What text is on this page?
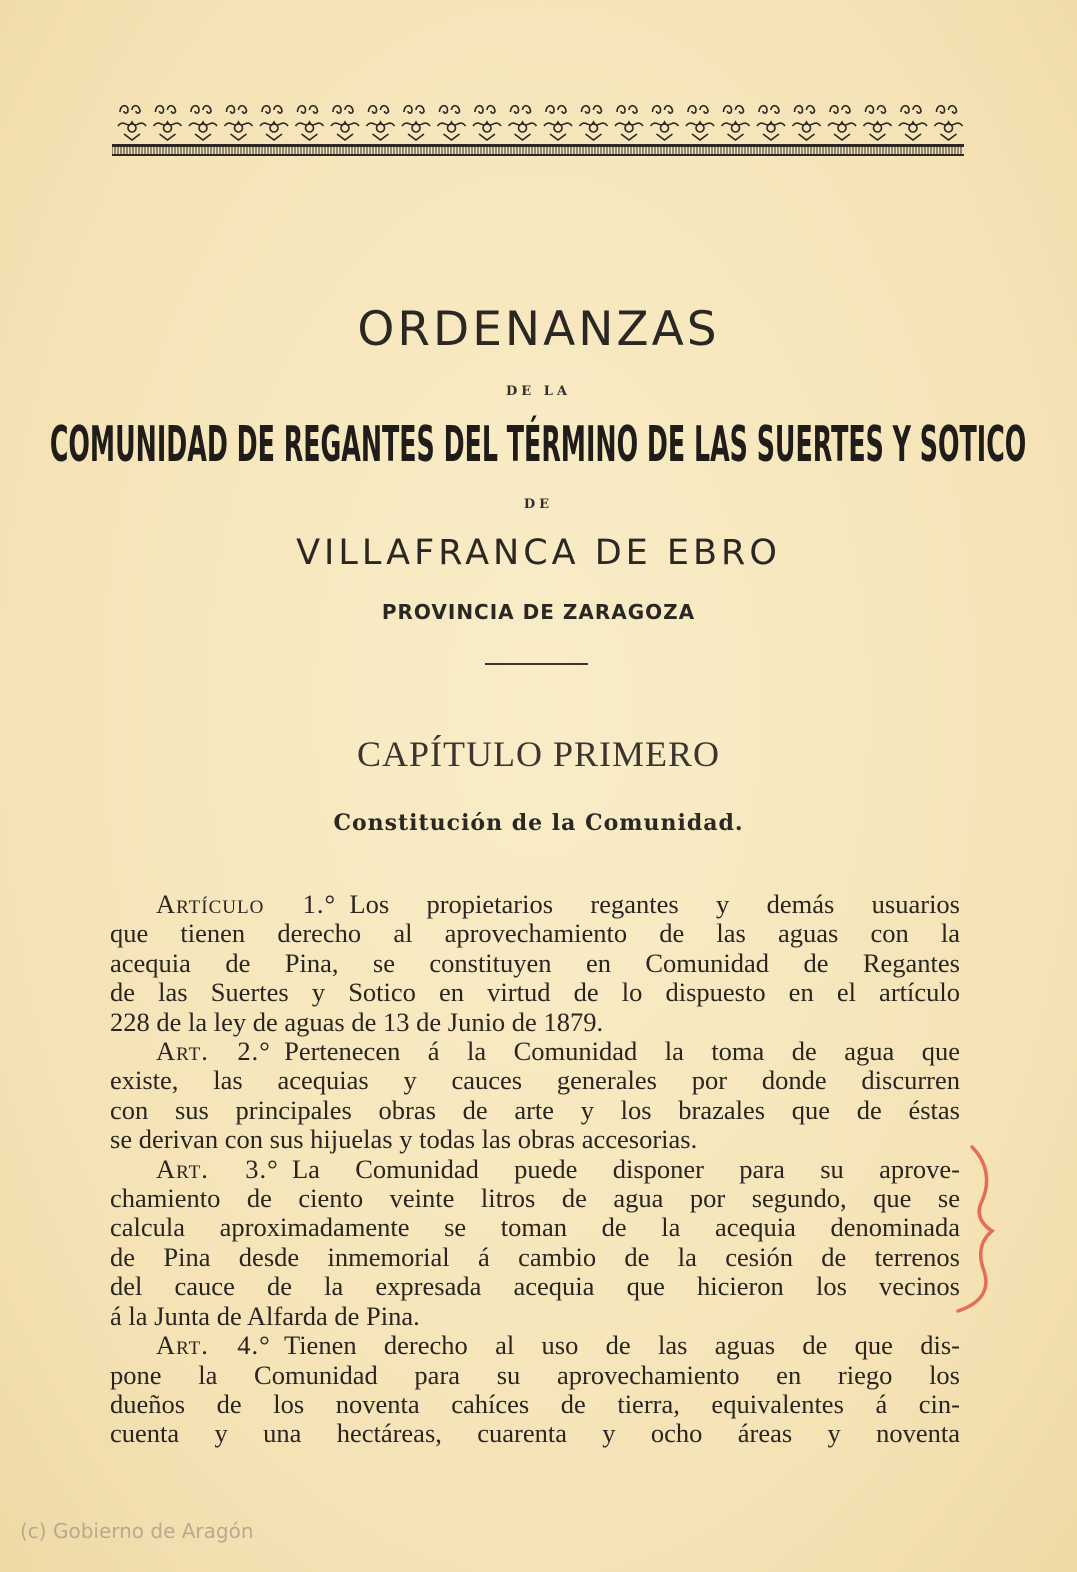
ORDENANZAS
DE LA
COMUNIDAD DE REGANTES DEL TÉRMINO DE LAS SUERTES Y SOTICO
DE
VILLAFRANCA DE EBRO
PROVINCIA DE ZARAGOZA
CAPÍTULO PRIMERO
Constitución de la Comunidad.
Artículo 1.°  Los propietarios regantes y demás usuarios
que tienen derecho al aprovechamiento de las aguas con la
acequia de Pina, se constituyen en Comunidad de Regantes
de las Suertes y Sotico en virtud de lo dispuesto en el artículo
228 de la ley de aguas de 13 de Junio de 1879.
Art. 2.°  Pertenecen á la Comunidad la toma de agua que
existe, las acequias y cauces generales por donde discurren
con sus principales obras de arte y los brazales que de éstas
se derivan con sus hijuelas y todas las obras accesorias.
Art. 3.°  La Comunidad puede disponer para su aprove-
chamiento de ciento veinte litros de agua por segundo, que se
calcula aproximadamente se toman de la acequia denominada
de Pina desde inmemorial á cambio de la cesión de terrenos
del cauce de la expresada acequia que hicieron los vecinos
á la Junta de Alfarda de Pina.
Art. 4.°  Tienen derecho al uso de las aguas de que dis-
pone la Comunidad para su aprovechamiento en riego los
dueños de los noventa cahíces de tierra, equivalentes á cin-
cuenta y una hectáreas, cuarenta y ocho áreas y noventa
(c) Gobierno de Aragón
